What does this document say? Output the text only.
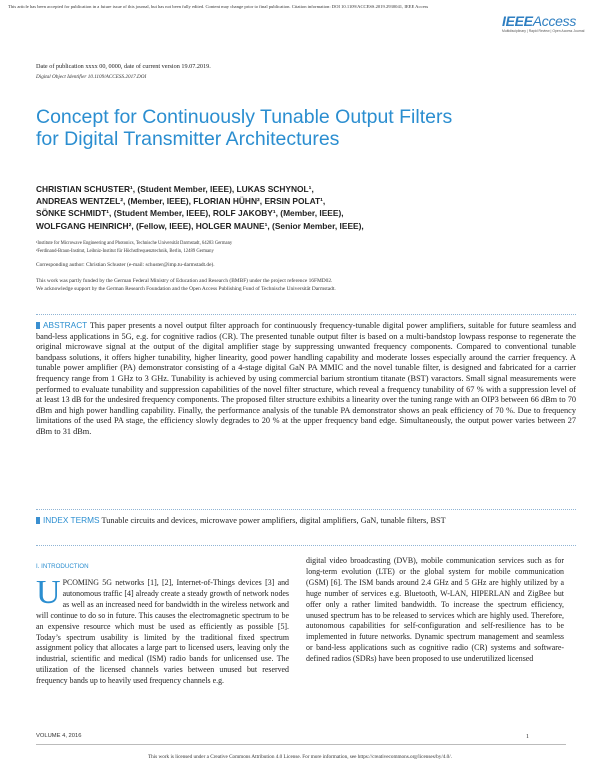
This article has been accepted for publication in a future issue of this journal, but has not been fully edited. Content may change prior to final publication. Citation information: DOI 10.1109/ACCESS.2019.2930041, IEEE Access
IEEEAccess
Multidisciplinary | Rapid Review | Open Access Journal
Date of publication xxxx 00, 0000, date of current version 19.07.2019.
Digital Object Identifier 10.1109/ACCESS.2017.DOI
Concept for Continuously Tunable Output Filters for Digital Transmitter Architectures
CHRISTIAN SCHUSTER¹, (Student Member, IEEE), LUKAS SCHYNOL¹,
ANDREAS WENTZEL², (Member, IEEE), FLORIAN HÜHN², ERSIN POLAT¹,
SÖNKE SCHMIDT¹, (Student Member, IEEE), ROLF JAKOBY¹, (Member, IEEE),
WOLFGANG HEINRICH², (Fellow, IEEE), HOLGER MAUNE¹, (Senior Member, IEEE),
¹Institute for Microwave Engineering and Photonics, Technische Universität Darmstadt, 64283 Germany
²Ferdinand-Braun-Institut, Leibniz-Institut für Höchstfrequenztechnik, Berlin, 12489 Germany
Corresponding author: Christian Schuster (e-mail: schuster@imp.tu-darmstadt.de).
This work was partly funded by the German Federal Ministry of Education and Research (BMBF) under the project reference 16FMD02.
We acknowledge support by the German Research Foundation and the Open Access Publishing Fund of Technische Universität Darmstadt.
ABSTRACT This paper presents a novel output filter approach for continuously frequency-tunable digital power amplifiers, suitable for future seamless and band-less applications in 5G, e.g. for cognitive radios (CR). The presented tunable output filter is based on a multi-bandstop lowpass response to regenerate the original microwave signal at the output of the digital amplifier stage by suppressing unwanted frequency components. Compared to conventional tunable bandpass solutions, it offers higher tunability, higher linearity, good power handling capability and moderate losses especially around the carrier frequency. A tunable power amplifier (PA) demonstrator consisting of a 4-stage digital GaN PA MMIC and the novel tunable filter, is designed and fabricated for a carrier frequency range from 1 GHz to 3 GHz. Tunability is achieved by using commercial barium strontium titanate (BST) varactors. Small signal measurements were performed to evaluate tunability and suppression capabilities of the novel filter structure, which reveal a frequency tunability of 67 % with a suppression level of at least 13 dB for the undesired frequency components. The proposed filter structure exhibits a linearity over the tuning range with an OIP3 between 66 dBm to 70 dBm and high power handling capability. Finally, the performance analysis of the tunable PA demonstrator shows an peak efficiency of 70 %. Due to frequency limitations of the used PA stage, the efficiency slowly degrades to 20 % at the upper frequency band edge. Simultaneously, the output power varies between 27 dBm to 31 dBm.
INDEX TERMS Tunable circuits and devices, microwave power amplifiers, digital amplifiers, GaN, tunable filters, BST
I. INTRODUCTION
UPCOMING 5G networks [1], [2], Internet-of-Things devices [3] and autonomous traffic [4] already create a steady growth of network nodes as well as an increased need for bandwidth in the wireless network and will continue to do so in future. This causes the electromagnetic spectrum to be an expensive resource which must be used as efficiently as possible [5]. Today’s spectrum usability is limited by the traditional fixed spectrum assignment policy that allocates a large part to licensed users, leaving only the industrial, scientific and medical (ISM) radio bands for unlicensed use. The utilization of the licensed channels varies between unused but reserved frequency bands up to heavily used frequency channels e.g.
digital video broadcasting (DVB), mobile communication services such as for long-term evolution (LTE) or the global system for mobile communication (GSM) [6]. The ISM bands around 2.4 GHz and 5 GHz are highly utilized by a huge number of services e.g. Bluetooth, W-LAN, HIPERLAN and ZigBee but offer only a rather limited bandwidth. To increase the spectrum efficiency, unused spectrum has to be released to services which are highly used. Therefore, autonomous capabilities for self-configuration and self-resilience has to be implemented in future networks. Dynamic spectrum management and seamless or band-less applications such as cognitive radio (CR) systems and software-defined radios (SDRs) have been proposed to use underutilized licensed
VOLUME 4, 2016	1
This work is licensed under a Creative Commons Attribution 4.0 License. For more information, see https://creativecommons.org/licenses/by/4.0/.
